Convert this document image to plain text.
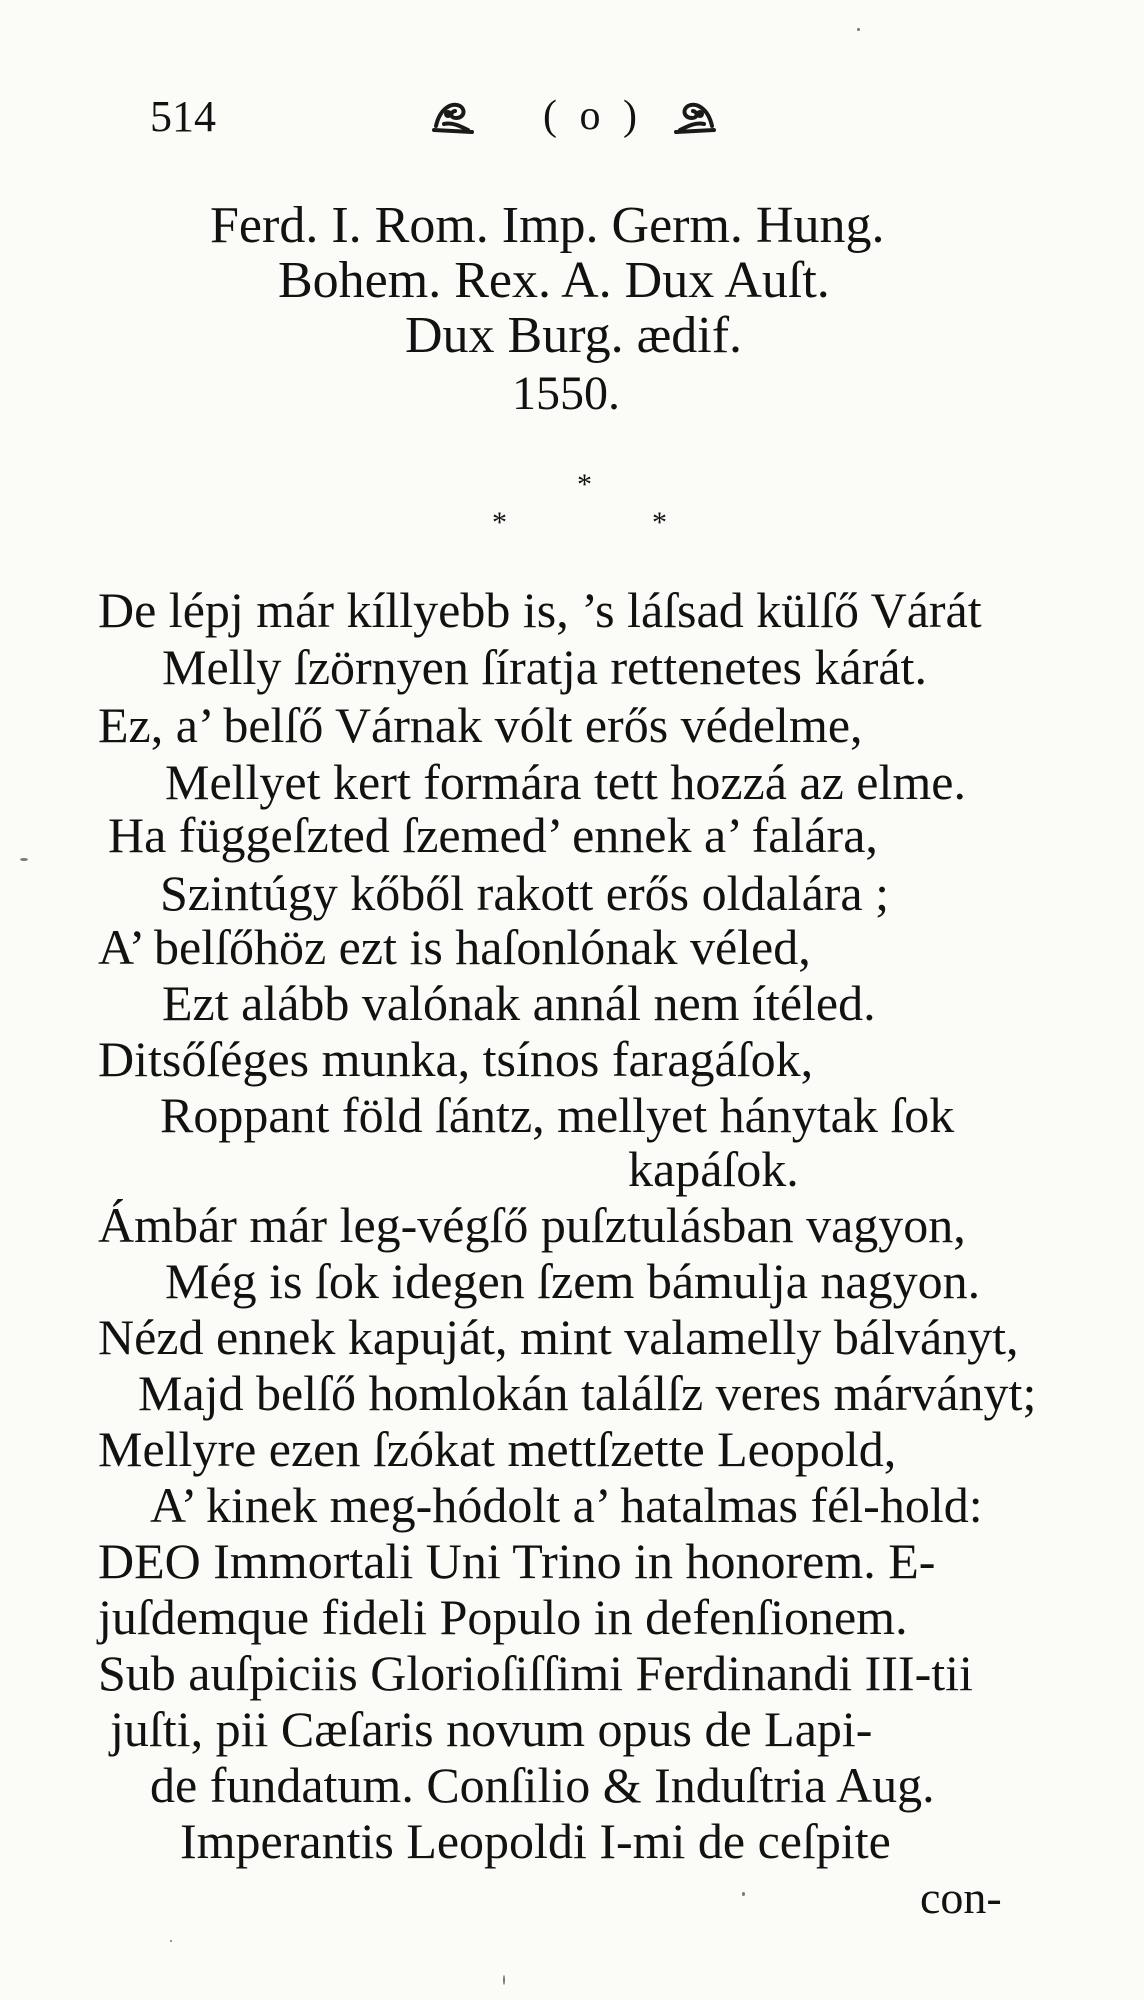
514	( o )
Ferd. I. Rom. Imp. Germ. Hung.
Bohem. Rex. A. Dux Auſt.
Dux Burg. ædif.
1550.
*
*	*
De lépj már kíllyebb is, ’s láſsad külſő Várát
Melly ſzörnyen ſíratja rettenetes kárát.
Ez, a’ belſő Várnak vólt erős védelme,
Mellyet kert formára tett hozzá az elme.
Ha függeſzted ſzemed’ ennek a’ falára,
Szintúgy kőből rakott erős oldalára ;
A’ belſőhöz ezt is haſonlónak véled,
Ezt alább valónak annál nem ítéled.
Ditsőſéges munka, tsínos faragáſok,
Roppant föld ſántz, mellyet hánytak ſok
kapáſok.
Ámbár már leg-végſő puſztulásban vagyon,
Még is ſok idegen ſzem bámulja nagyon.
Nézd ennek kapuját, mint valamelly bálványt,
Majd belſő homlokán találſz veres márványt;
Mellyre ezen ſzókat mettſzette Leopold,
A’ kinek meg-hódolt a’ hatalmas fél-hold:
DEO Immortali Uni Trino in honorem. E-
juſdemque fideli Populo in defenſionem.
Sub auſpiciis Glorioſiſſimi Ferdinandi III-tii
juſti, pii Cæſaris novum opus de Lapi-
de fundatum. Conſilio & Induſtria Aug.
Imperantis Leopoldi I-mi de ceſpite
con-
